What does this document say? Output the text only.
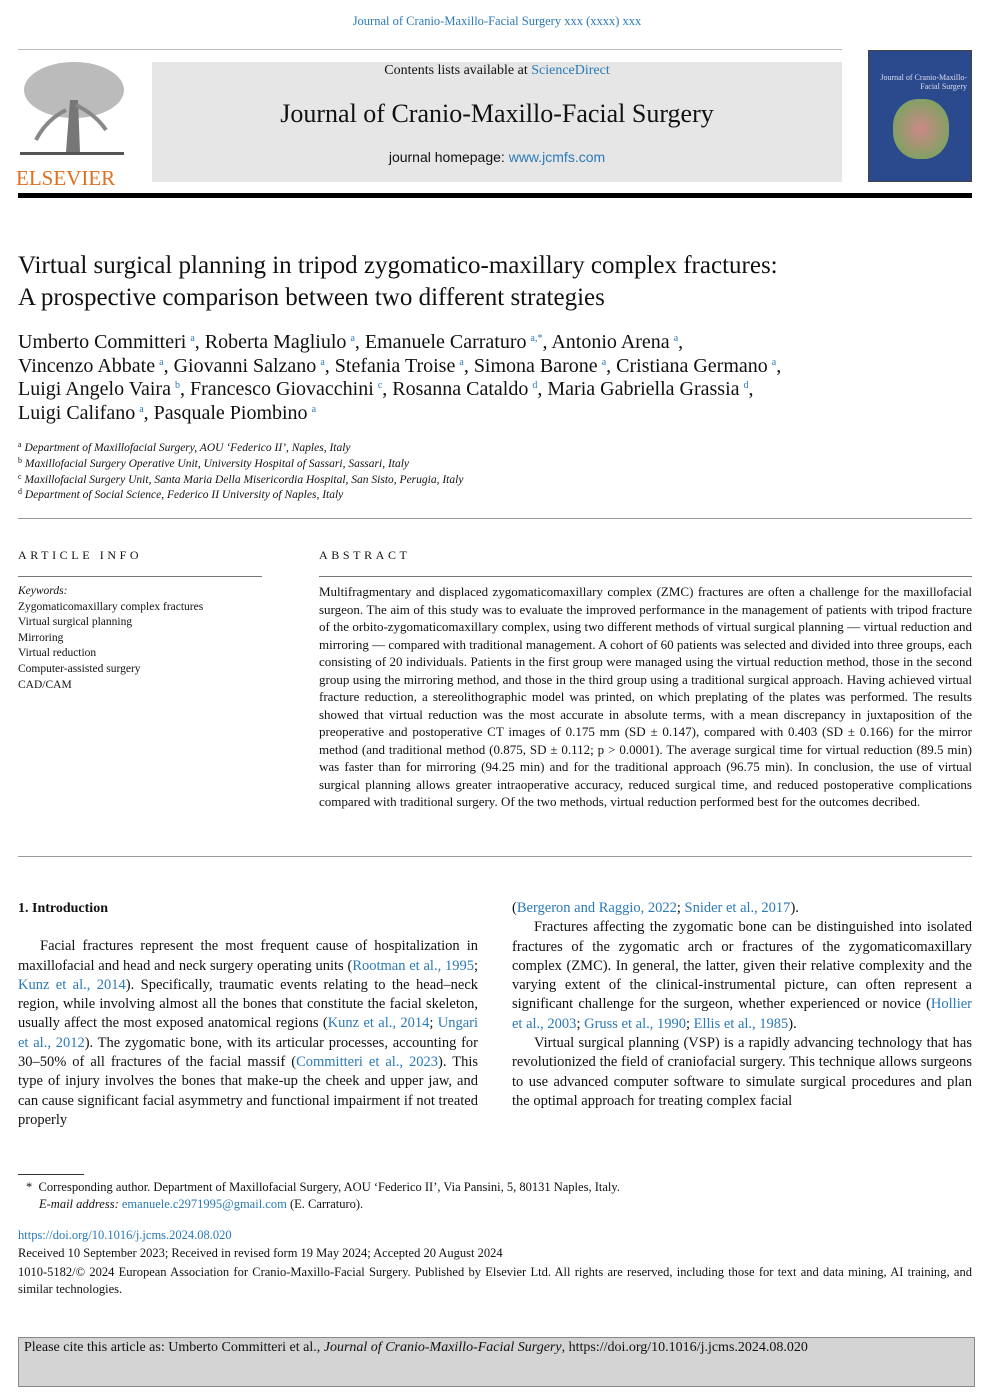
Journal of Cranio-Maxillo-Facial Surgery xxx (xxxx) xxx
ELSEVIER
Contents lists available at ScienceDirect
Journal of Cranio-Maxillo-Facial Surgery
journal homepage: www.jcmfs.com
Journal of Cranio-Maxillo-Facial Surgery
Virtual surgical planning in tripod zygomatico-maxillary complex fractures:
A prospective comparison between two different strategies
Umberto Committeri  $^a$, Roberta Magliulo  $^a$, Emanuele Carraturo  $^{a,*}$, Antonio Arena  $^a$,
Vincenzo Abbate  $^a$, Giovanni Salzano  $^a$, Stefania Troise  $^a$, Simona Barone  $^a$, Cristiana Germano  $^a$,
Luigi Angelo Vaira  $^b$, Francesco Giovacchini  $^c$, Rosanna Cataldo  $^d$, Maria Gabriella Grassia  $^d$,
Luigi Califano  $^a$, Pasquale Piombino  $^a$
$^a$ Department of Maxillofacial Surgery, AOU ‘Federico II’, Naples, Italy
$^b$ Maxillofacial Surgery Operative Unit, University Hospital of Sassari, Sassari, Italy
$^c$ Maxillofacial Surgery Unit, Santa Maria Della Misericordia Hospital, San Sisto, Perugia, Italy
$^d$ Department of Social Science, Federico II University of Naples, Italy
ARTICLE INFO
Keywords:
Zygomaticomaxillary complex fractures
Virtual surgical planning
Mirroring
Virtual reduction
Computer-assisted surgery
CAD/CAM
ABSTRACT
Multifragmentary and displaced zygomaticomaxillary complex (ZMC) fractures are often a challenge for the maxillofacial surgeon. The aim of this study was to evaluate the improved performance in the management of patients with tripod fracture of the orbito-zygomaticomaxillary complex, using two different methods of virtual surgical planning — virtual reduction and mirroring — compared with traditional management. A cohort of 60 patients was selected and divided into three groups, each consisting of 20 individuals. Patients in the first group were managed using the virtual reduction method, those in the second group using the mirroring method, and those in the third group using a traditional surgical approach. Having achieved virtual fracture reduction, a stereolithographic model was printed, on which preplating of the plates was performed. The results showed that virtual reduction was the most accurate in absolute terms, with a mean discrepancy in juxtaposition of the preoperative and postoperative CT images of 0.175 mm (SD ± 0.147), compared with 0.403 (SD ± 0.166) for the mirror method (and traditional method (0.875, SD ± 0.112; p > 0.0001). The average surgical time for virtual reduction (89.5 min) was faster than for mirroring (94.25 min) and for the traditional approach (96.75 min). In conclusion, the use of virtual surgical planning allows greater intraoperative accuracy, reduced surgical time, and reduced postoperative complications compared with traditional surgery. Of the two methods, virtual reduction performed best for the outcomes decribed.
1. Introduction

Facial fractures represent the most frequent cause of hospitalization in maxillofacial and head and neck surgery operating units (Rootman et al., 1995; Kunz et al., 2014). Specifically, traumatic events relating to the head–neck region, while involving almost all the bones that constitute the facial skeleton, usually affect the most exposed anatomical regions (Kunz et al., 2014; Ungari et al., 2012). The zygomatic bone, with its articular processes, accounting for 30–50% of all fractures of the facial massif (Committeri et al., 2023). This type of injury involves the bones that make-up the cheek and upper jaw, and can cause significant facial asymmetry and functional impairment if not treated properly

(Bergeron and Raggio, 2022; Snider et al., 2017).

Fractures affecting the zygomatic bone can be distinguished into isolated fractures of the zygomatic arch or fractures of the zygomaticomaxillary complex (ZMC). In general, the latter, given their relative complexity and the varying extent of the clinical-instrumental picture, can often represent a significant challenge for the surgeon, whether experienced or novice (Hollier et al., 2003; Gruss et al., 1990; Ellis et al., 1985).

Virtual surgical planning (VSP) is a rapidly advancing technology that has revolutionized the field of craniofacial surgery. This technique allows surgeons to use advanced computer software to simulate surgical procedures and plan the optimal approach for treating complex facial

* Corresponding author. Department of Maxillofacial Surgery, AOU ‘Federico II’, Via Pansini, 5, 80131 Naples, Italy.
E-mail address: emanuele.c2971995@gmail.com (E. Carraturo).
https://doi.org/10.1016/j.jcms.2024.08.020
Received 10 September 2023; Received in revised form 19 May 2024; Accepted 20 August 2024
1010-5182/© 2024 European Association for Cranio-Maxillo-Facial Surgery. Published by Elsevier Ltd. All rights are reserved, including those for text and data mining, AI training, and similar technologies.
Please cite this article as: Umberto Committeri et al., Journal of Cranio-Maxillo-Facial Surgery, https://doi.org/10.1016/j.jcms.2024.08.020
